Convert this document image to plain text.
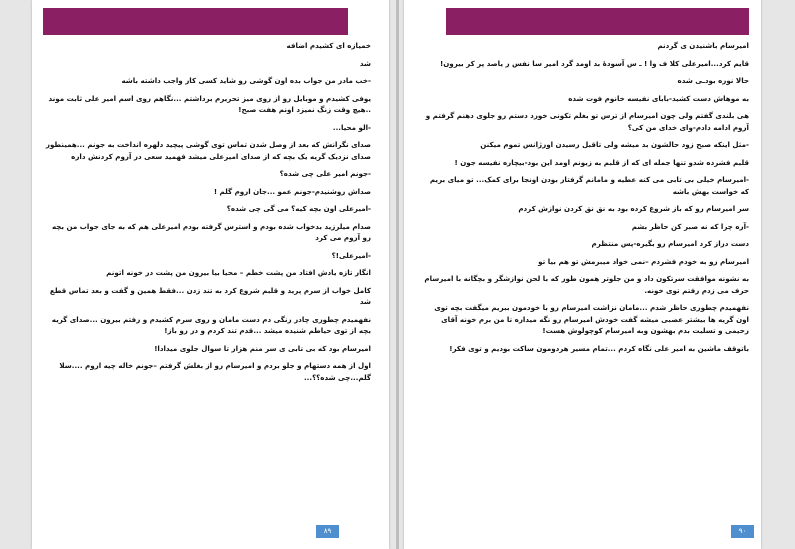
خمیازه ای کشیدم اضافه

شد

-خب مادر من جواب بده اون گوشی رو شاید کسی کار واجب داشته باشه

یوفی کشیدم و موبایل رو از روی میز تحریرم برداشتم ...نگاهم روی اسم امیر علی ثابت موند ..هیچ وقت زنگ نمیزد اونم هفت صبح!

-الو محیا...

صدای نگرانش که بعد از وصل شدن تماس توی گوشی پیچید دلهره انداخت به جونم ...همینطور صدای نزدیک گریه یک بچه که از صدای امیرعلی میشد فهمید سعی در آروم کردنش داره

-جونم امیر علی چی شده؟

صداش روشنیدم-جونم عمو ...جان اروم گلم !

-امیرعلی اون بچه کیه؟ می گی چی شده؟

صدام میلرزید بدخواب شده بودم و استرس گرفته بودم امیرعلی هم که به جای جواب من بچه رو آروم می کرد

-امیرعلی!؟

انگار تازه یادش افتاد من پشت خطم – محیا بیا بیرون من پشت در خونه اتونم

کامل خواب از سرم پرید و قلبم شروع کرد به تند زدن ...فقط همین و گفت و بعد تماس قطع شد

نفهمیدم چطوری چادر رنگی دم دست مامان و روی سرم کشیدم و رفتم بیرون ...صدای گریه بچه از توی حیاطم شنیده میشد ...قدم تند کردم و در رو باز!

امیرسام بود که بی تابی ی سر منم هزار تا سوال جلوی میدادا!

اول از همه دستهام و جلو بردم و امیرسام رو از بغلش گرفتم –جونم خاله چیه اروم ....سلا گلم...چی شده؟؟...

٨٩

امیرسام باشنیدن ی گردنم

قایم کرد...امیرعلی کلا ف وا ! ـ س آسودهٔ بد اومد گرد امیر سا نفس ر یاصد پر کر بیرون!

حالا نوره بودـی شده

به موهاش دست کشید-بابای نفیسه خانوم فوت شده

هی بلندی گفتم ولی چون امیرسام از ترس تو بغلم تکونی خورد دستم رو جلوی دهنم گرفتم و آروم ادامه دادم-وای خدای من کی؟

-مثل اینکه صبح زود حالشون بد میشه ولی تاقبل رسیدن اورژانس تموم میکنن

قلبم فشرده شدو تنها جمله ای که از قلبم به زبونم اومد این بود-بیچاره نفیسه جون !

-امیرسام خیلی بی تابی می کنه عطیه و مامانم گرفتار بودن اونجا برای کمک... تو میای بریم که خواست بهش باشه

سر امیرسام رو که باز شروع کرده بود به نق نق کردن نوازش کردم

-آره چرا که نه صبر کن حاظر بشم

دست دراز کرد امیرسام رو بگیره-پس منتظرم

امیرسام رو به خودم فشردم –نمی خواد میبرمش تو هم بیا تو

به نشونه موافقت سرتکون داد و من جلوتر همون طور که با لحن نوازشگر و بچگانه با امیرسام حرف می زدم رفتم توی خونه.

نفهمیدم چطوری حاظر شدم ...مامان نزاشت امیرسام رو با خودمون ببریم میگفت بچه توی اون گریه ها بیشتر عصبی میشه گفت خودش امیرسام رو نگه میداره تا من برم خونه آقای رحیمی و تسلیت بدم بهشون وبه امیرسام کوچولوش هست!

باتوقف ماشین به امیر علی نگاه کردم ...تمام مسیر هردومون ساکت بودیم و توی فکر!

٩٠
